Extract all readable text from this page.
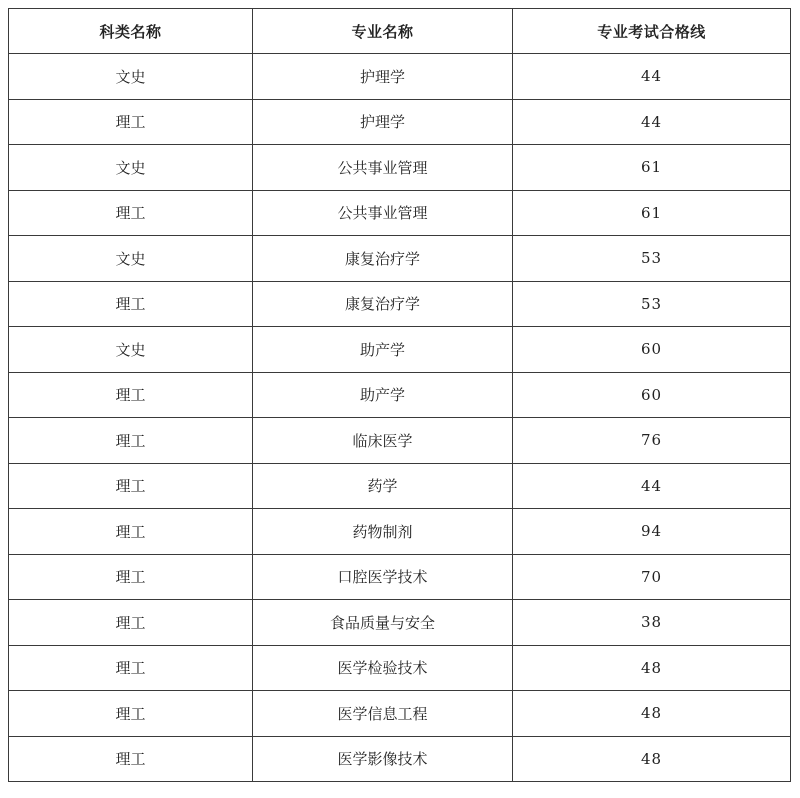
科类名称	专业名称	专业考试合格线
文史	护理学	44
理工	护理学	44
文史	公共事业管理	61
理工	公共事业管理	61
文史	康复治疗学	53
理工	康复治疗学	53
文史	助产学	60
理工	助产学	60
理工	临床医学	76
理工	药学	44
理工	药物制剂	94
理工	口腔医学技术	70
理工	食品质量与安全	38
理工	医学检验技术	48
理工	医学信息工程	48
理工	医学影像技术	48
